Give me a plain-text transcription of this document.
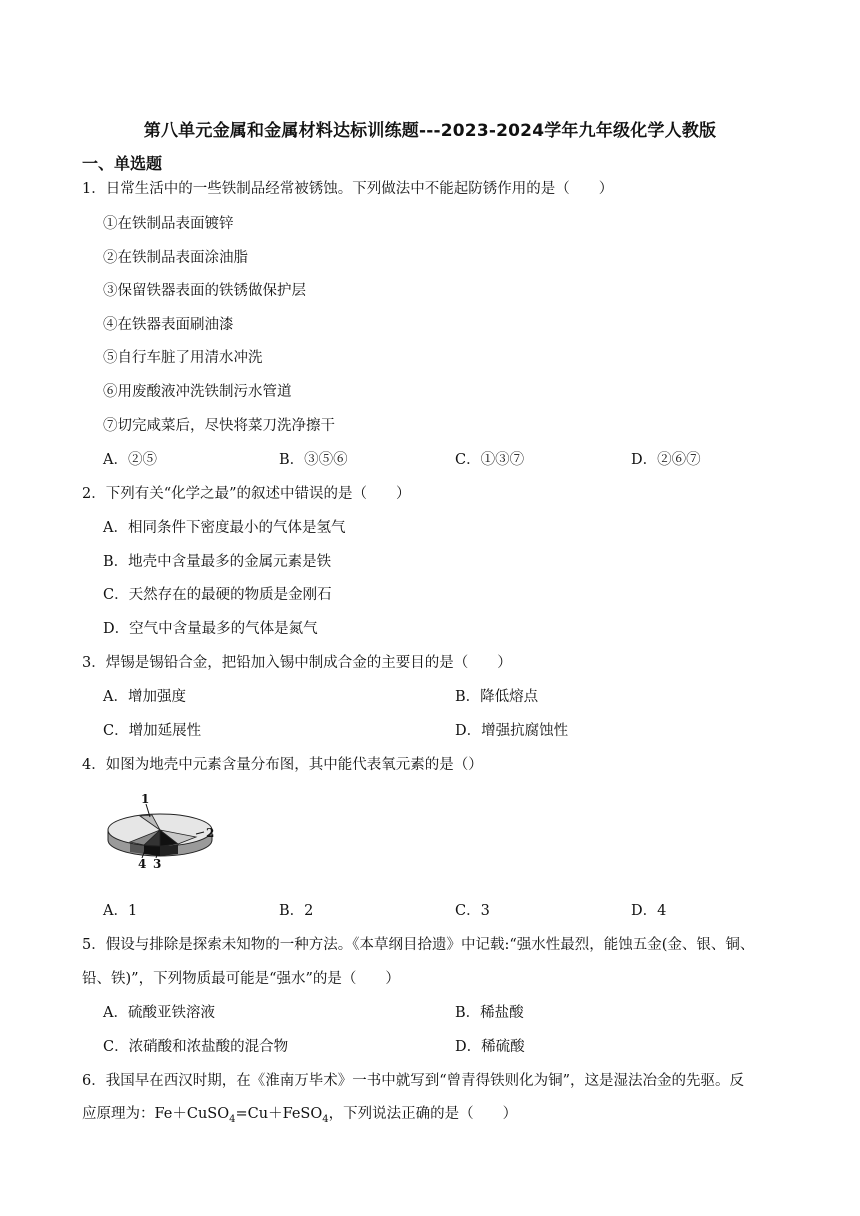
第八单元金属和金属材料达标训练题---2023-2024学年九年级化学人教版
一、单选题
1．日常生活中的一些铁制品经常被锈蚀。下列做法中不能起防锈作用的是（　　）
①在铁制品表面镀锌
②在铁制品表面涂油脂
③保留铁器表面的铁锈做保护层
④在铁器表面刷油漆
⑤自行车脏了用清水冲洗
⑥用废酸液冲洗铁制污水管道
⑦切完咸菜后，尽快将菜刀洗净擦干
A．②⑤	B．③⑤⑥	C．①③⑦	D．②⑥⑦
2．下列有关“化学之最”的叙述中错误的是（　　）
A．相同条件下密度最小的气体是氢气
B．地壳中含量最多的金属元素是铁
C．天然存在的最硬的物质是金刚石
D．空气中含量最多的气体是氮气
3．焊锡是锡铅合金，把铅加入锡中制成合金的主要目的是（　　）
A．增加强度	B．降低熔点
C．增加延展性	D．增强抗腐蚀性
4．如图为地壳中元素含量分布图，其中能代表氧元素的是（）
1
2
3
4
A．1	B．2	C．3	D．4
5．假设与排除是探索未知物的一种方法。《本草纲目拾遗》中记载:“强水性最烈，能蚀五金(金、银、铜、
铅、铁)”，下列物质最可能是“强水”的是（　　）
A．硫酸亚铁溶液	B．稀盐酸
C．浓硝酸和浓盐酸的混合物	D．稀硫酸
6．我国早在西汉时期，在《淮南万毕术》一书中就写到“曾青得铁则化为铜”，这是湿法冶金的先驱。反
应原理为：Fe＋CuSO$_4$=Cu＋FeSO$_4$，下列说法正确的是（　　）
